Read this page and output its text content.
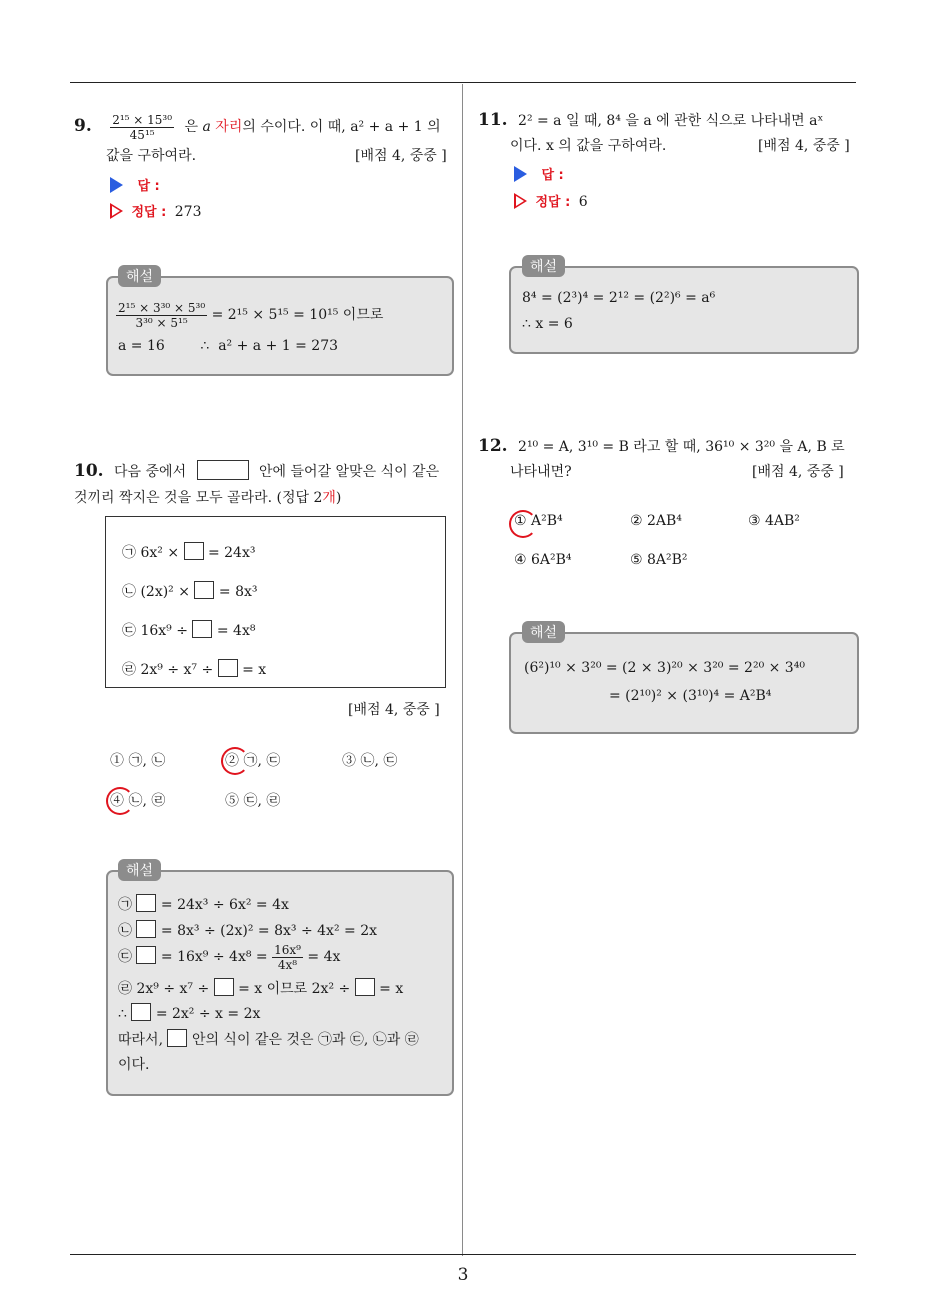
3
9. $\frac{\text{2¹⁵ × 15³⁰}}{\text{45¹⁵}}$ 은 a 자리의 수이다. 이 때, a² + a + 1 의
값을 구하여라.	[배점 4, 중중 ]
답 :
정답 : 273
해설
$\frac{\text{2¹⁵ × 3³⁰ × 5³⁰}}{\text{3³⁰ × 5¹⁵}} = 2^{15} \times 5^{15} = 10^{15}$ 이므로
a = 16        ∴  a² + a + 1 = 273
10. 다음 중에서	안에 들어갈 알맞은 식이 같은
것끼리 짝지은 것을 모두 골라라. (정답 2개)
㉠ 6x² × = 24x³
㉡ (2x)² × = 8x³
㉢ 16x⁹ ÷ = 4x⁸
㉣ 2x⁹ ÷ x⁷ ÷ = x
[배점 4, 중중 ]
① ㉠, ㉡	② ㉠, ㉢	③ ㉡, ㉢
④ ㉡, ㉣	⑤ ㉢, ㉣
해설
㉠ = 24x³ ÷ 6x² = 4x
㉡ = 8x³ ÷ (2x)² = 8x³ ÷ 4x² = 2x
㉢ = $16x^9 \div 4x^8 = \frac{\text{16x⁹}}{\text{4x⁸}} = 4x$
㉣ 2x⁹ ÷ x⁷ ÷ = x 이므로 2x² ÷ = x
∴ = 2x² ÷ x = 2x
따라서, 안의 식이 같은 것은 ㉠과 ㉢, ㉡과 ㉣
이다.
11. 2² = a 일 때, 8⁴ 을 a 에 관한 식으로 나타내면 aˣ
이다. x 의 값을 구하여라.	[배점 4, 중중 ]
답 :
정답 : 6
해설
8⁴ = (2³)⁴ = 2¹² = (2²)⁶ = a⁶
∴ x = 6
12. 2¹⁰ = A, 3¹⁰ = B 라고 할 때, 36¹⁰ × 3²⁰ 을 A, B 로
나타내면?	[배점 4, 중중 ]
① A²B⁴	② 2AB⁴	③ 4AB²
④ 6A²B⁴	⑤ 8A²B²
해설
(6²)¹⁰ × 3²⁰ = (2 × 3)²⁰ × 3²⁰ = 2²⁰ × 3⁴⁰
= (2¹⁰)² × (3¹⁰)⁴ = A²B⁴
